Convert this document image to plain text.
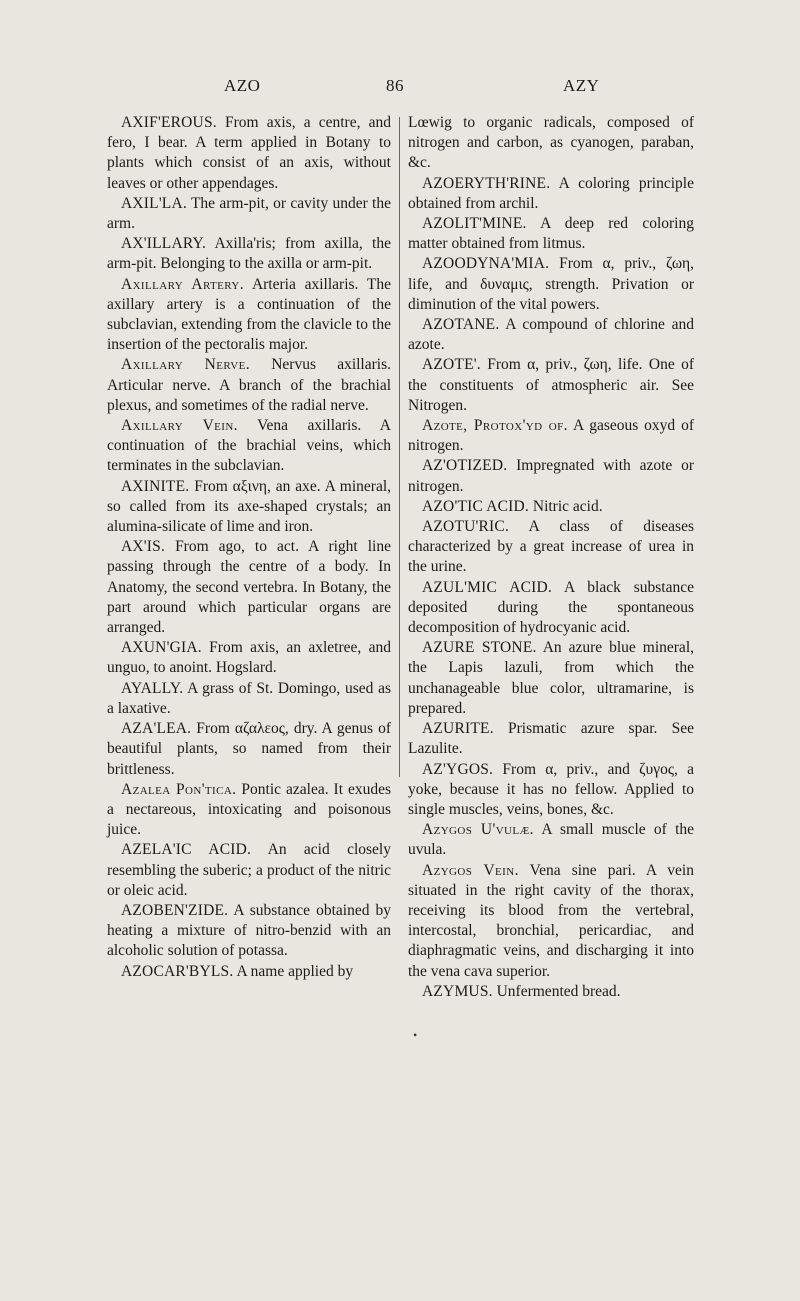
AZO	86	AZY

AXIF'EROUS. From axis, a centre, and fero, I bear. A term applied in Botany to plants which consist of an axis, without leaves or other appendages.

AXIL'LA. The arm-pit, or cavity under the arm.

AX'ILLARY. Axilla'ris; from axilla, the arm-pit. Belonging to the axilla or arm-pit.

Axillary Artery. Arteria axillaris. The axillary artery is a continuation of the subclavian, extending from the clavicle to the insertion of the pectoralis major.

Axillary Nerve. Nervus axillaris. Articular nerve. A branch of the brachial plexus, and sometimes of the radial nerve.

Axillary Vein. Vena axillaris. A continuation of the brachial veins, which terminates in the subclavian.

AXINITE. From αξινη, an axe. A mineral, so called from its axe-shaped crystals; an alumina-silicate of lime and iron.

AX'IS. From ago, to act. A right line passing through the centre of a body. In Anatomy, the second vertebra. In Botany, the part around which particular organs are arranged.

AXUN'GIA. From axis, an axletree, and unguo, to anoint. Hogslard.

AYALLY. A grass of St. Domingo, used as a laxative.

AZA'LEA. From αζαλεος, dry. A genus of beautiful plants, so named from their brittleness.

Azalea Pon'tica. Pontic azalea. It exudes a nectareous, intoxicating and poisonous juice.

AZELA'IC ACID. An acid closely resembling the suberic; a product of the nitric or oleic acid.

AZOBEN'ZIDE. A substance obtained by heating a mixture of nitro-benzid with an alcoholic solution of potassa.

AZOCAR'BYLS. A name applied by

Lœwig to organic radicals, composed of nitrogen and carbon, as cyanogen, paraban, &c.

AZOERYTH'RINE. A coloring principle obtained from archil.

AZOLIT'MINE. A deep red coloring matter obtained from litmus.

AZOODYNA'MIA. From α, priv., ζωη, life, and δυναμις, strength. Privation or diminution of the vital powers.

AZOTANE. A compound of chlorine and azote.

AZOTE'. From α, priv., ζωη, life. One of the constituents of atmospheric air. See Nitrogen.

Azote, Protox'yd of. A gaseous oxyd of nitrogen.

AZ'OTIZED. Impregnated with azote or nitrogen.

AZO'TIC ACID. Nitric acid.

AZOTU'RIC. A class of diseases characterized by a great increase of urea in the urine.

AZUL'MIC ACID. A black substance deposited during the spontaneous decomposition of hydrocyanic acid.

AZURE STONE. An azure blue mineral, the Lapis lazuli, from which the unchanageable blue color, ultramarine, is prepared.

AZURITE. Prismatic azure spar. See Lazulite.

AZ'YGOS. From α, priv., and ζυγος, a yoke, because it has no fellow. Applied to single muscles, veins, bones, &c.

Azygos U'vulæ. A small muscle of the uvula.

Azygos Vein. Vena sine pari. A vein situated in the right cavity of the thorax, receiving its blood from the vertebral, intercostal, bronchial, pericardiac, and diaphragmatic veins, and discharging it into the vena cava superior.

AZYMUS. Unfermented bread.

•
